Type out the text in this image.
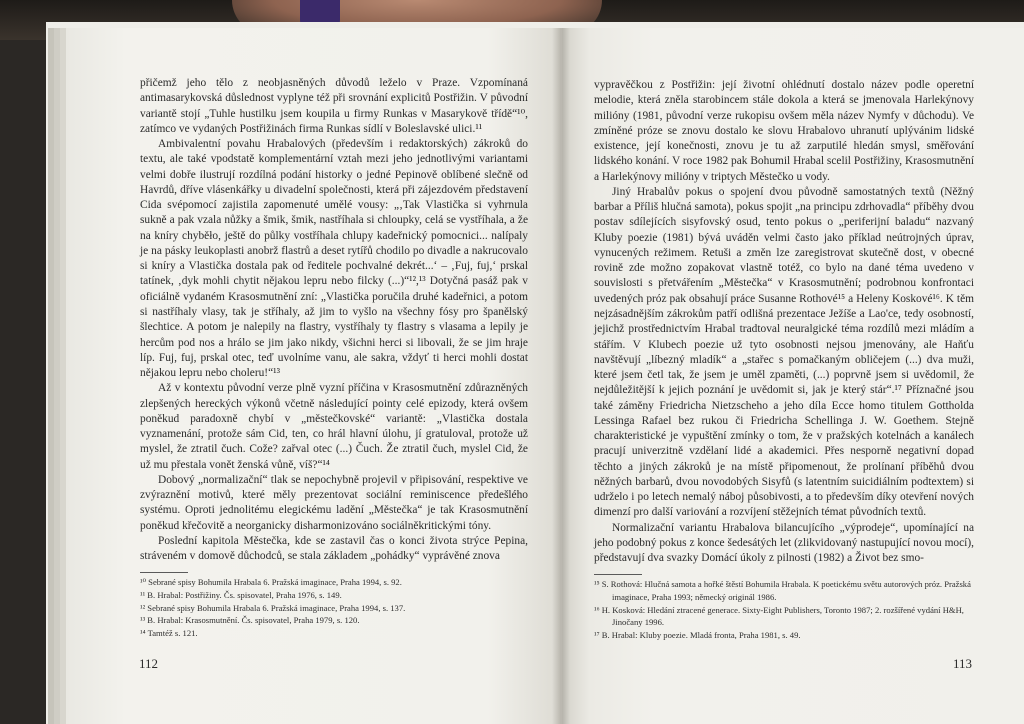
přičemž jeho tělo z neobjasněných důvodů leželo v Praze. Vzpomínaná antimasarykovská důslednost vyplyne též při srovnání explicitů Postřižin. V původní variantě stojí „Tuhle hustilku jsem koupila u firmy Runkas v Masarykově třídě“¹⁰, zatímco ve vydaných Postřižinách firma Runkas sídlí v Boleslavské ulici.¹¹

Ambivalentní povahu Hrabalových (především i redaktorských) zákroků do textu, ale také vpodstatě komplementární vztah mezi jeho jednotlivými variantami velmi dobře ilustrují rozdílná podání historky o jedné Pepinově oblíbené slečně od Havrdů, dříve vlásenkářky u divadelní společnosti, která při zájezdovém představení Cida svépomocí zajistila zapomenuté umělé vousy: „‚Tak Vlastička si vyhrnula sukně a pak vzala nůžky a šmik, šmik, nastříhala si chloupky, celá se vystříhala, a že na kníry chyběło, ještě do půlky vostříhala chlupy kadeřnický pomocnici... nalípaly je na pásky leukoplasti anobrž flastrů a deset rytířů chodilo po divadle a nakrucovalo si kníry a Vlastička dostala pak od ředitele pochvalné dekrét...‘ – ‚Fuj, fuj,‘ prskal tatínek, ‚dyk mohli chytit nějakou lepru nebo filcky (...)“¹²,¹³ Dotyčná pasáž pak v oficiálně vydaném Krasosmutnění zní: „Vlastička poručila druhé kadeřnici, a potom si nastříhaly vlasy, tak je stříhaly, až jim to vyšlo na všechny fósy pro španělský šlechtice. A potom je nalepily na flastry, vystříhaly ty flastry s vlasama a lepily je hercům pod nos a hrálo se jim jako nikdy, všichni herci si libovali, že se jim hraje líp. Fuj, fuj, prskal otec, teď uvolníme vanu, ale sakra, vždyť ti herci mohli dostat nějakou lepru nebo choleru!“¹³

Až v kontextu původní verze plně vyzní příčina v Krasosmutnění zdůrazněných zlepšených hereckých výkonů včetně následující pointy celé epizody, která ovšem poněkud paradoxně chybí v „městečkovské“ variantě: „Vlastička dostala vyznamenání, protože sám Cid, ten, co hrál hlavní úlohu, jí gratuloval, protože už myslel, že ztratil čuch. Cože? zařval otec (...) Čuch. Že ztratil čuch, myslel Cid, že už mu přestala vonět ženská vůně, víš?“¹⁴

Dobový „normalizační“ tlak se nepochybně projevil v připisování, respektive ve zvýraznění motivů, které měly prezentovat sociální reminiscence předešlého systému. Oproti jednolitému elegickému ladění „Městečka“ je tak Krasosmutnění poněkud křečovitě a neorganicky disharmonizováno sociálněkritickými tóny.

Poslední kapitola Městečka, kde se zastavil čas o konci života strýce Pepina, stráveném v domově důchodců, se stala základem „pohádky“ vyprávěné znova

¹⁰ Sebrané spisy Bohumila Hrabala 6. Pražská imaginace, Praha 1994, s. 92.
¹¹ B. Hrabal: Postřižiny. Čs. spisovatel, Praha 1976, s. 149.
¹² Sebrané spisy Bohumila Hrabala 6. Pražská imaginace, Praha 1994, s. 137.
¹³ B. Hrabal: Krasosmutnění. Čs. spisovatel, Praha 1979, s. 120.
¹⁴ Tamtéž s. 121.
112

vypravěčkou z Postřižin: její životní ohlédnutí dostalo název podle operetní melodie, která zněla starobincem stále dokola a která se jmenovala Harlekýnovy milióny (1981, původní verze rukopisu ovšem měla název Nymfy v důchodu). Ve zmíněné próze se znovu dostalo ke slovu Hrabalovo uhranutí uplývánim lidské existence, její konečnosti, znovu je tu až zarputilé hledán smysl, směřování lidského konání. V roce 1982 pak Bohumil Hrabal scelil Postřižiny, Krasosmutnění a Harlekýnovy milióny v triptych Městečko u vody.

Jiný Hrabalův pokus o spojení dvou původně samostatných textů (Něžný barbar a Příliš hlučná samota), pokus spojit „na principu zdrhovadla“ příběhy dvou postav sdílejících sisyfovský osud, tento pokus o „periferijní baladu“ nazvaný Kluby poezie (1981) bývá uváděn velmi často jako příklad neútrojných úprav, vynucených režimem. Retuši a změn lze zaregistrovat skutečně dost, v obecné rovině zde možno zopakovat vlastně totéž, co bylo na dané téma uvedeno v souvislosti s přetvářením „Městečka“ v Krasosmutnění; podrobnou konfrontaci uvedených próz pak obsahují práce Susanne Rothové¹⁵ a Heleny Koskové¹⁶. K těm nejzásadnějším zákrokům patří odlišná prezentace Ježíše a Lao'ce, tedy osobností, jejichž prostřednictvím Hrabal tradtoval neuralgické téma rozdílů mezi mládím a stářím. V Klubech poezie už tyto osobnosti nejsou jmenovány, ale Haňťu navštěvují „líbezný mladík“ a „stařec s pomačkaným obličejem (...) dva muži, které jsem četl tak, že jsem je uměl zpaměti, (...) poprvně jsem si uvědomil, že nejdůležitější k jejich poznání je uvědomit si, jak je který stár“.¹⁷ Příznačné jsou také záměny Friedricha Nietzscheho a jeho díla Ecce homo titulem Gottholda Lessinga Rafael bez rukou či Friedricha Schellinga J. W. Goethem. Stejně charakteristické je vypuštění zmínky o tom, že v pražských kotelnách a kanálech pracují univerzitně vzdělaní lidé a akademici. Přes nesporně negativní dopad těchto a jiných zákroků je na místě připomenout, že prolínaní příběhů dvou něžných barbarů, dvou novodobých Sisyfů (s latentním suicidiálním podtextem) si udrželo i po letech nemalý náboj působivosti, a to především díky otevření nových dimenzí pro další variování a rozvíjení stěžejních témat původních textů.

Normalizační variantu Hrabalova bilancujícího „výprodeje“, upomínající na jeho podobný pokus z konce šedesátých let (zlikvidovaný nastupující novou mocí), představují dva svazky Domácí úkoly z pilnosti (1982) a Život bez smo-

¹⁵ S. Rothová: Hlučná samota a hořké štěstí Bohumila Hrabala. K poetickému světu autorových próz. Pražská imaginace, Praha 1993; německý originál 1986.
¹⁶ H. Kosková: Hledání ztracené generace. Sixty-Eight Publishers, Toronto 1987; 2. rozšířené vydání H&H, Jinočany 1996.
¹⁷ B. Hrabal: Kluby poezie. Mladá fronta, Praha 1981, s. 49.
113
